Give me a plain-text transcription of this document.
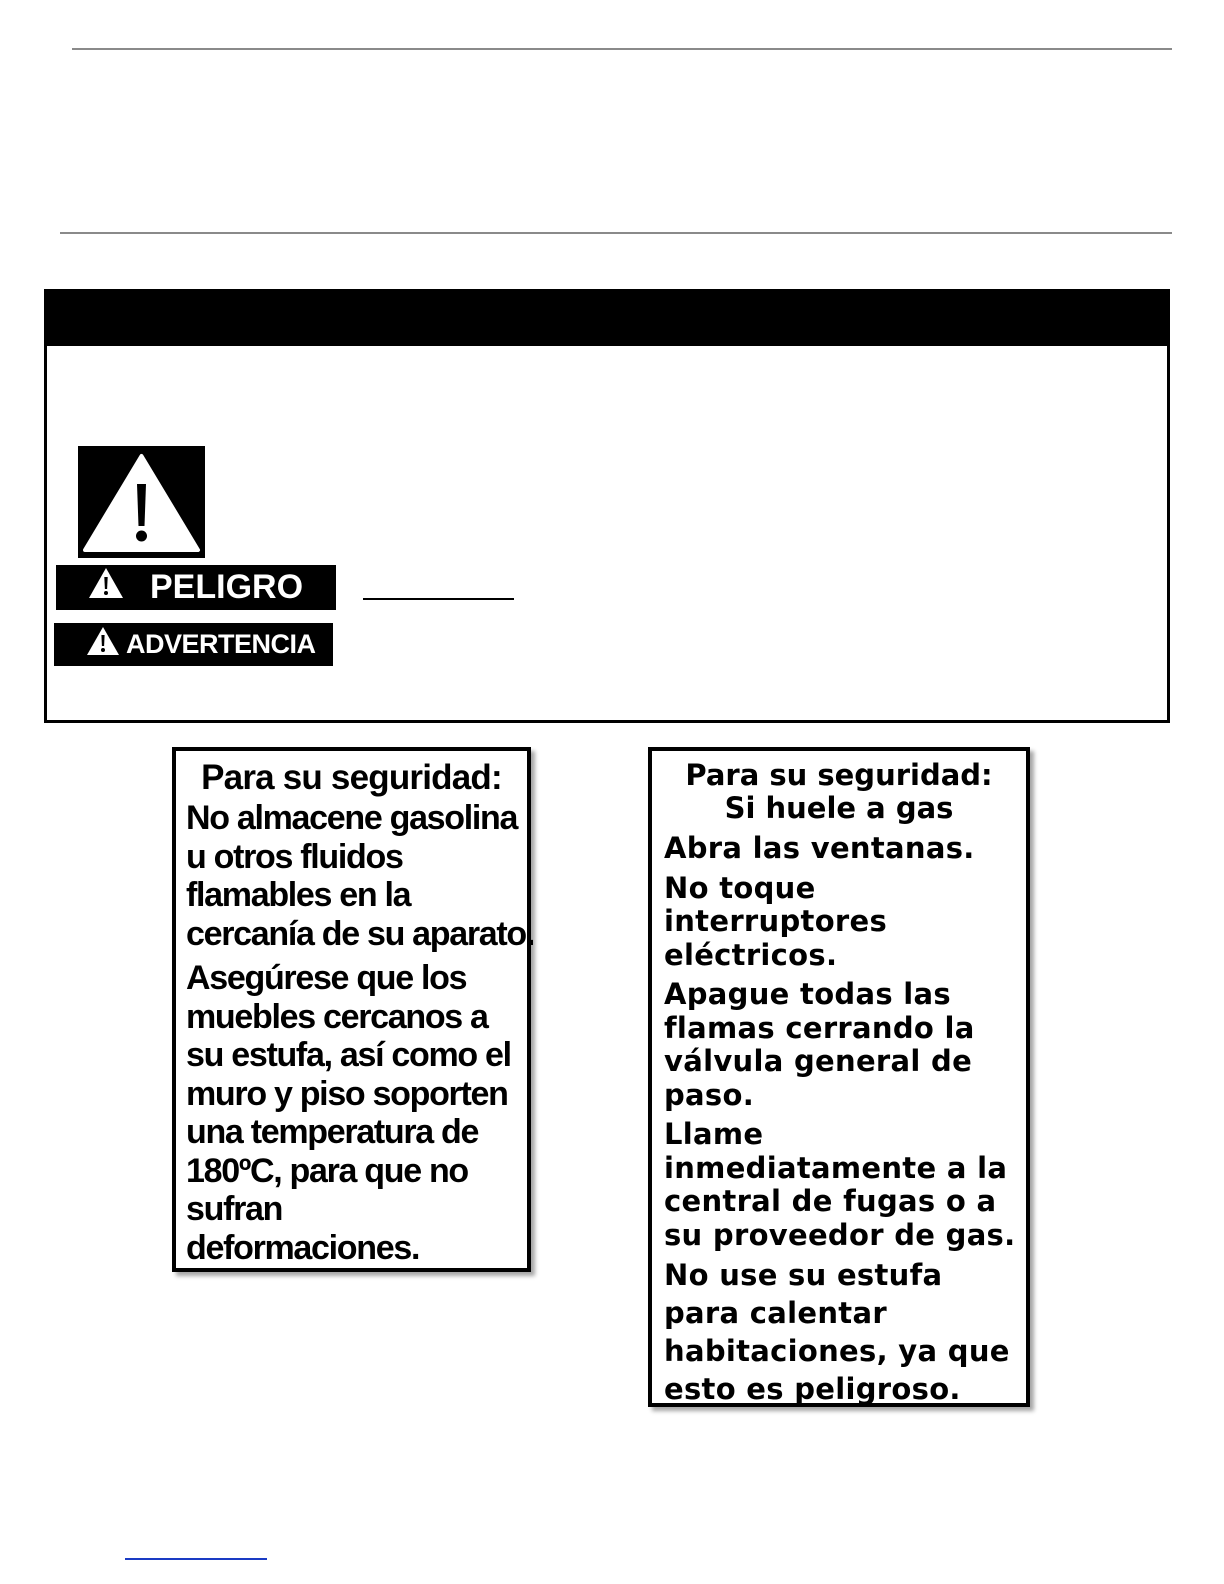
PELIGRO
ADVERTENCIA
Para su seguridad:
No almacene gasolina
u otros fluidos
flamables en la
cercanía de su aparato.
Asegúrese que los
muebles cercanos a
su estufa, así como el
muro y piso soporten
una temperatura de
180ºC, para que no
sufran
deformaciones.
Para su seguridad:
Si huele a gas
Abra las ventanas.
No toque
interruptores
eléctricos.
Apague todas las
flamas cerrando la
válvula general de
paso.
Llame
inmediatamente a la
central de fugas o a
su proveedor de gas.
No use su estufa
para calentar
habitaciones, ya que
esto es peligroso.
